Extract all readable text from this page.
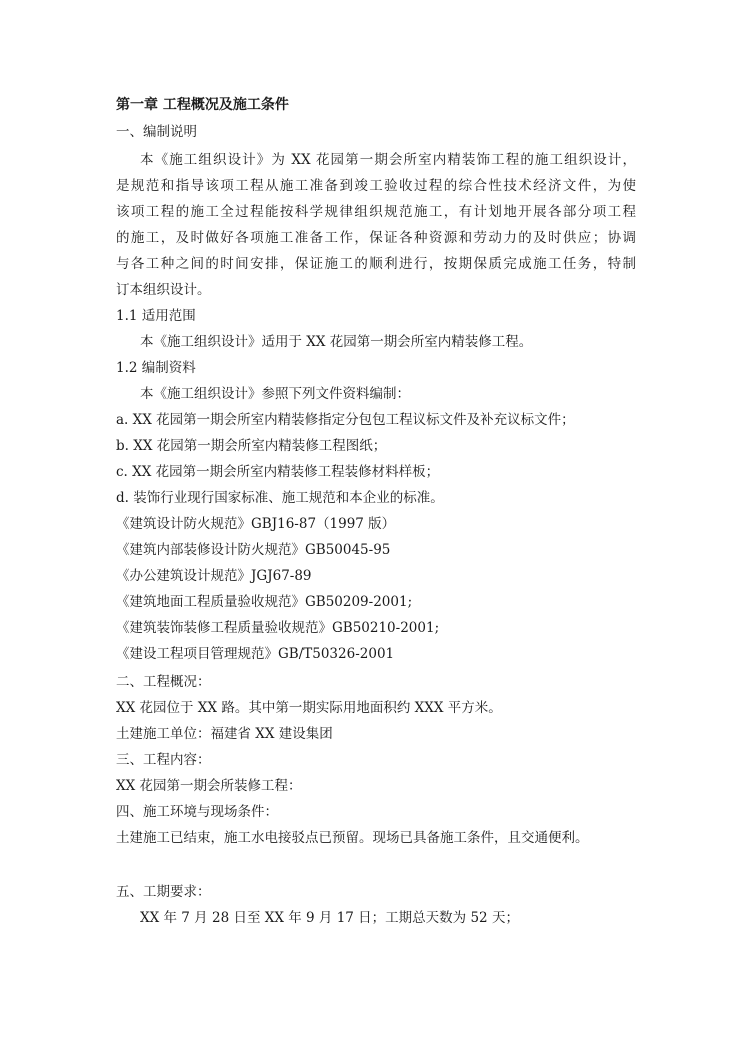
第一章 工程概况及施工条件
一、编制说明
本《施工组织设计》为 XX 花园第一期会所室内精装饰工程的施工组织设计，
是规范和指导该项工程从施工准备到竣工验收过程的综合性技术经济文件，为使
该项工程的施工全过程能按科学规律组织规范施工，有计划地开展各部分项工程
的施工，及时做好各项施工准备工作，保证各种资源和劳动力的及时供应；协调
与各工种之间的时间安排，保证施工的顺利进行，按期保质完成施工任务，特制
订本组织设计。
1.1 适用范围
本《施工组织设计》适用于 XX 花园第一期会所室内精装修工程。
1.2 编制资料
本《施工组织设计》参照下列文件资料编制：
a. XX 花园第一期会所室内精装修指定分包包工程议标文件及补充议标文件；
b. XX 花园第一期会所室内精装修工程图纸；
c. XX 花园第一期会所室内精装修工程装修材料样板；
d. 装饰行业现行国家标准、施工规范和本企业的标准。
《建筑设计防火规范》GBJ16-87（1997 版）
《建筑内部装修设计防火规范》GB50045-95
《办公建筑设计规范》JGJ67-89
《建筑地面工程质量验收规范》GB50209-2001;
《建筑装饰装修工程质量验收规范》GB50210-2001;
《建设工程项目管理规范》GB/T50326-2001
二、工程概况：
XX 花园位于 XX 路。其中第一期实际用地面积约 XXX 平方米。
土建施工单位：福建省 XX 建设集团
三、工程内容：
XX 花园第一期会所装修工程：
四、施工环境与现场条件：
土建施工已结束，施工水电接驳点已预留。现场已具备施工条件，且交通便利。
五、工期要求：
XX 年 7 月 28 日至 XX 年 9 月 17 日；工期总天数为 52 天；
